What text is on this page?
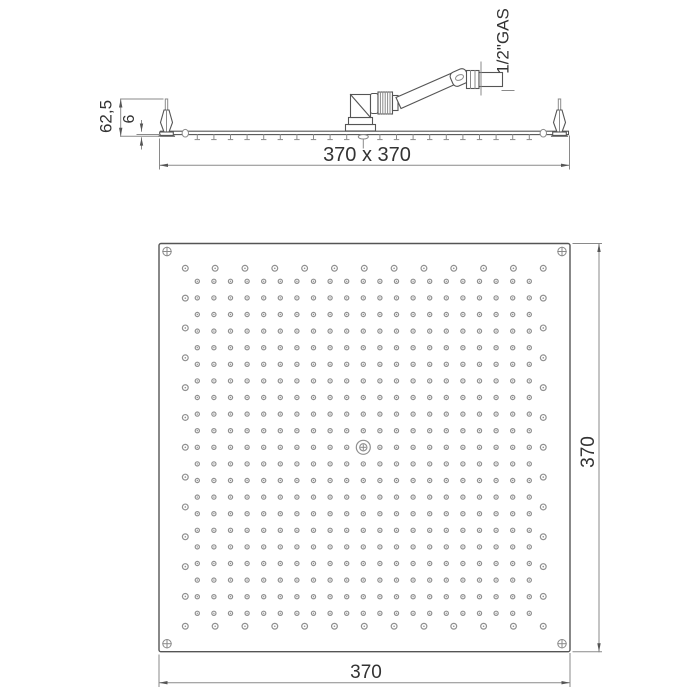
1/2"GAS
62,5 6
370 x 370
370
370
